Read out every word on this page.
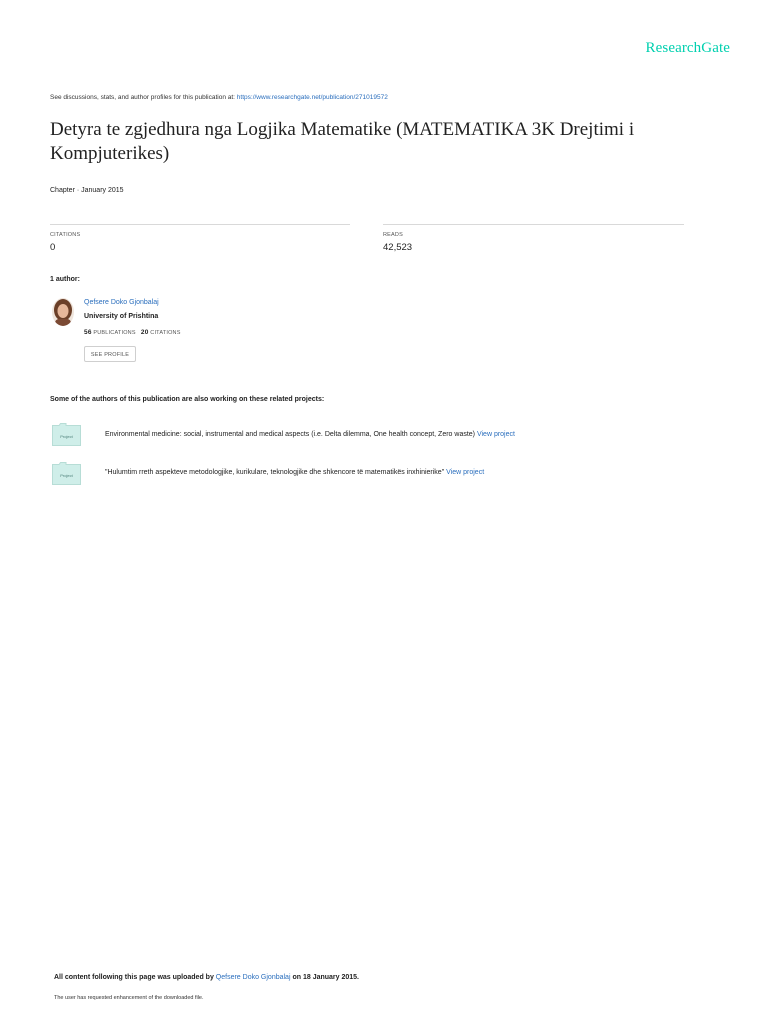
ResearchGate
See discussions, stats, and author profiles for this publication at: https://www.researchgate.net/publication/271019572
Detyra te zgjedhura nga Logjika Matematike (MATEMATIKA 3K Drejtimi i Kompjuterikes)
Chapter · January 2015
CITATIONS
0
READS
42,523
1 author:
Qefsere Doko Gjonbalaj
University of Prishtina
56 PUBLICATIONS 20 CITATIONS
SEE PROFILE
Some of the authors of this publication are also working on these related projects:
Project	Environmental medicine: social, instrumental and medical aspects (i.e. Delta dilemma, One health concept, Zero waste) View project
Project	"Hulumtim rreth aspekteve metodologjike, kurikulare, teknologjike dhe shkencore të matematikës inxhinierike" View project
All content following this page was uploaded by Qefsere Doko Gjonbalaj on 18 January 2015.
The user has requested enhancement of the downloaded file.
